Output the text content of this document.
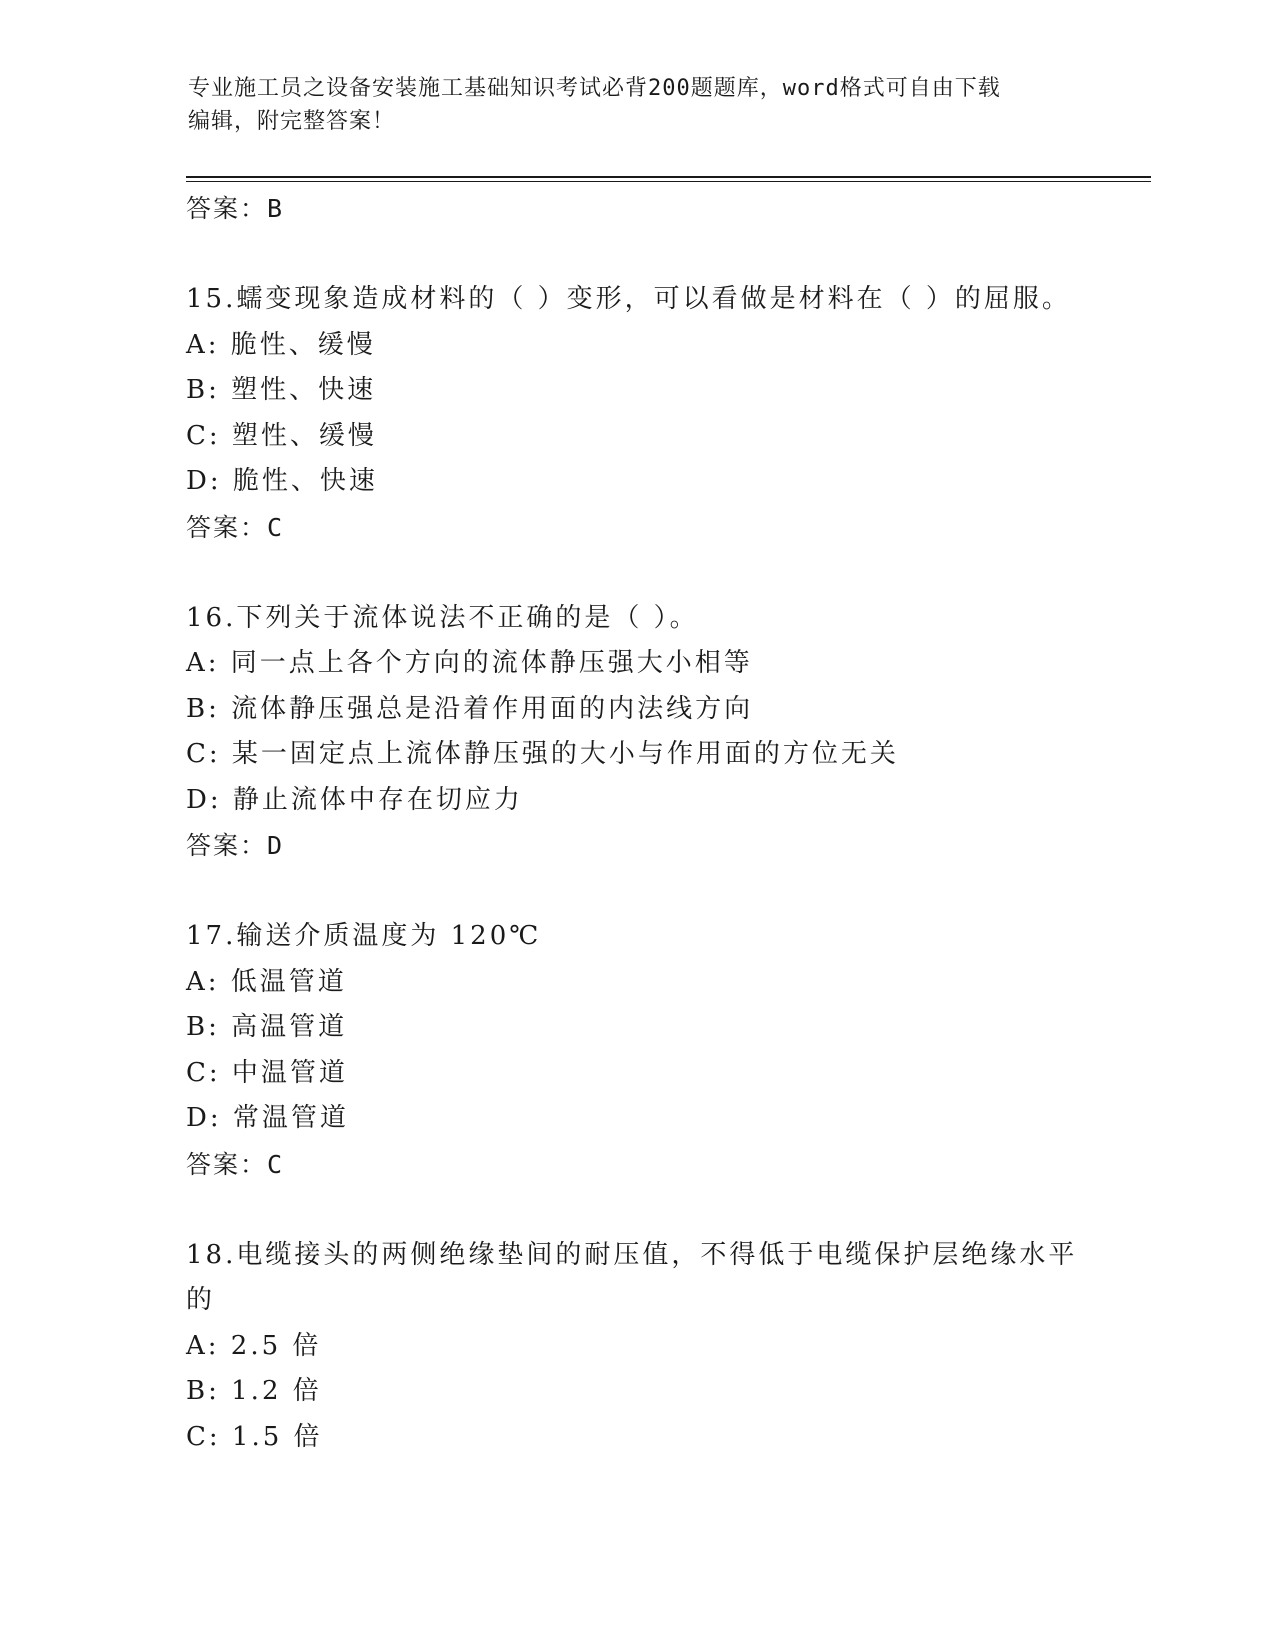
专业施工员之设备安装施工基础知识考试必背200题题库，word格式可自由下载
编辑，附完整答案！
答案：B
15.蠕变现象造成材料的（ ）变形，可以看做是材料在（ ）的屈服。
A: 脆性、缓慢
B: 塑性、快速
C: 塑性、缓慢
D: 脆性、快速
答案：C
16.下列关于流体说法不正确的是（ ）。
A: 同一点上各个方向的流体静压强大小相等
B: 流体静压强总是沿着作用面的内法线方向
C: 某一固定点上流体静压强的大小与作用面的方位无关
D: 静止流体中存在切应力
答案：D
17.输送介质温度为 120℃
A: 低温管道
B: 高温管道
C: 中温管道
D: 常温管道
答案：C
18.电缆接头的两侧绝缘垫间的耐压值，不得低于电缆保护层绝缘水平
的
A: 2.5 倍
B: 1.2 倍
C: 1.5 倍
